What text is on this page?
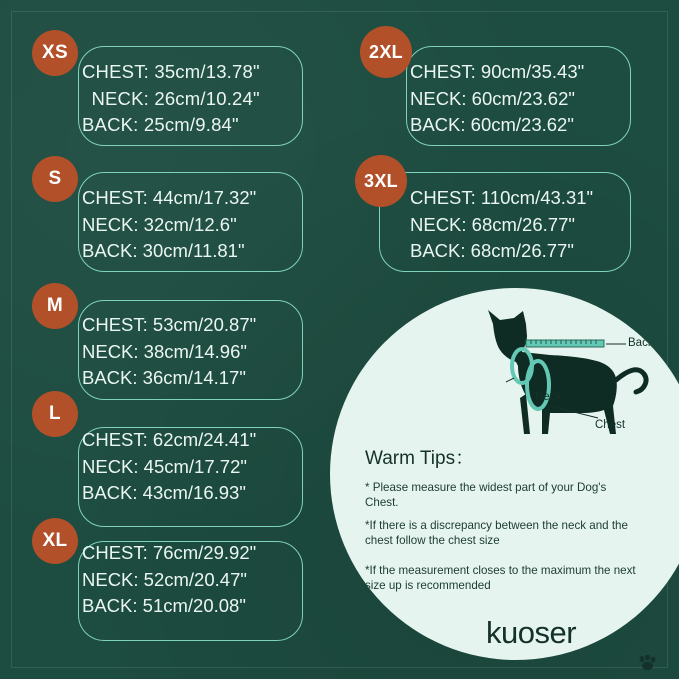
XS
CHEST: 35cm/13.78"
NECK: 26cm/10.24"
BACK: 25cm/9.84"
S
CHEST: 44cm/17.32"
NECK: 32cm/12.6"
BACK: 30cm/11.81"
M
CHEST: 53cm/20.87"
NECK: 38cm/14.96"
BACK: 36cm/14.17"
L
CHEST: 62cm/24.41"
NECK: 45cm/17.72"
BACK: 43cm/16.93"
XL
CHEST: 76cm/29.92"
NECK: 52cm/20.47"
BACK: 51cm/20.08"
2XL
CHEST: 90cm/35.43"
NECK: 60cm/23.62"
BACK: 60cm/23.62"
3XL
CHEST: 110cm/43.31"
NECK: 68cm/26.77"
BACK: 68cm/26.77"
Back
Neck
Chest
Warm Tips：
* Please measure the widest part of your Dog's Chest.
*If there is a discrepancy between the neck and the chest follow the chest size
*If the measurement closes to the maximum the next size up is recommended
kuoser
